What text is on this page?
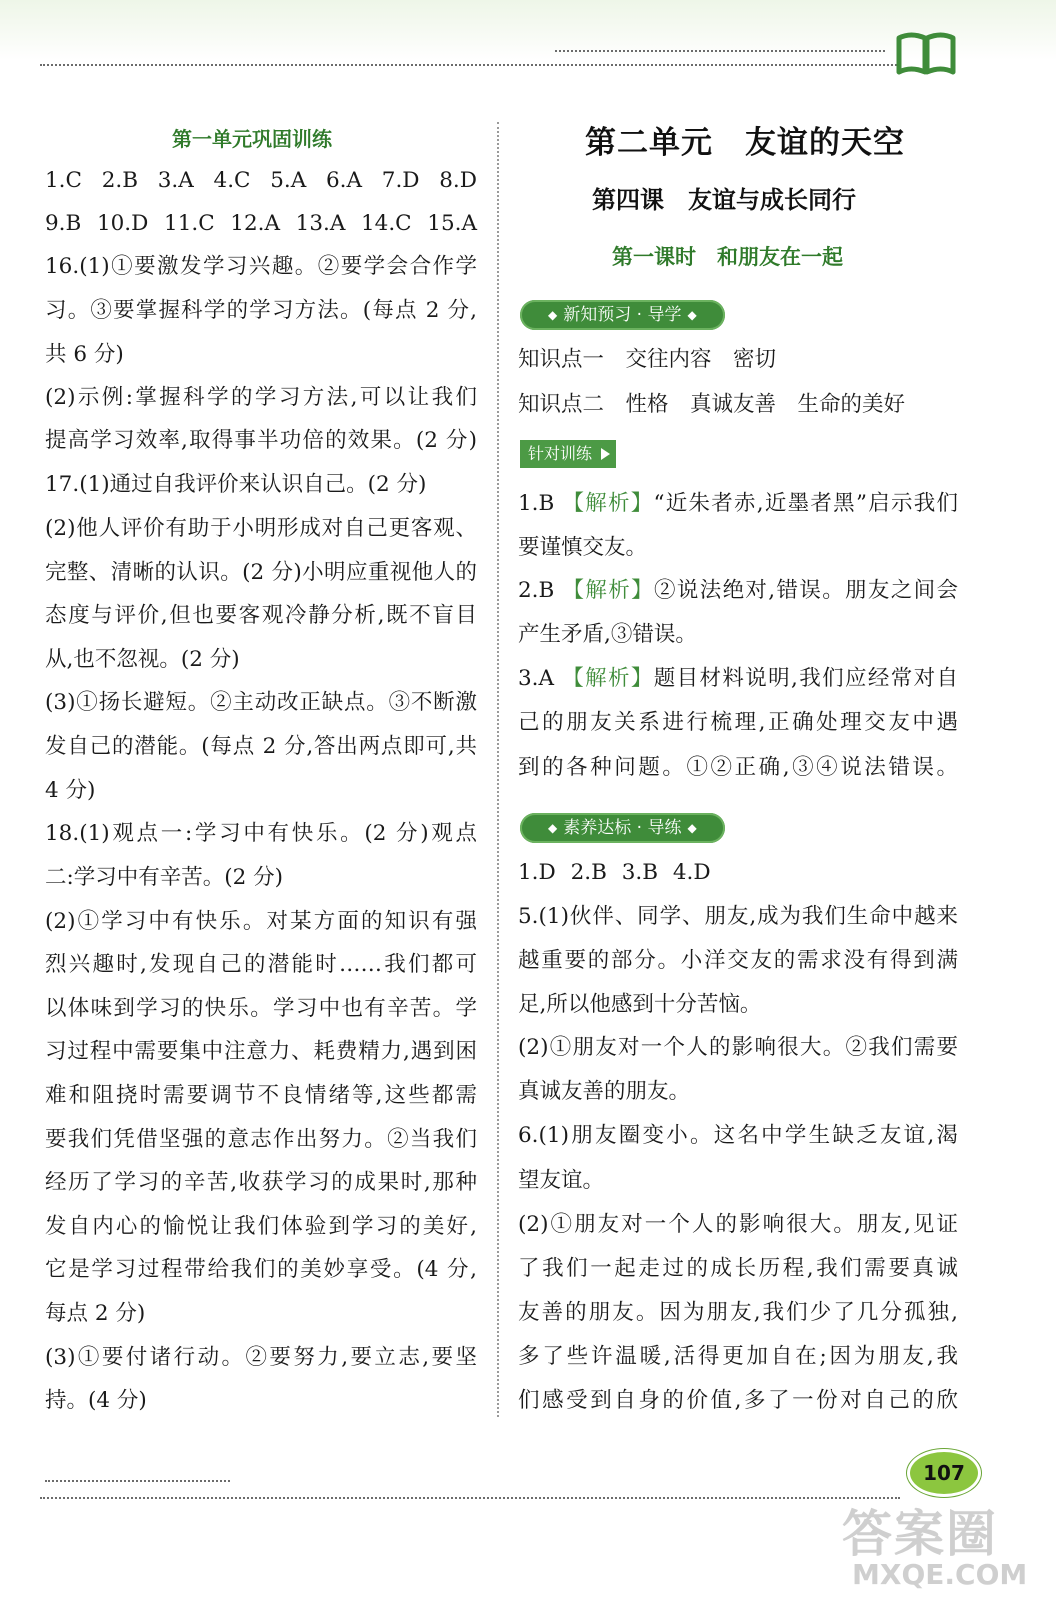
第一单元巩固训练
1.C 2.B 3.A 4.C 5.A 6.A 7.D 8.D
9.B 10.D 11.C 12.A 13.A 14.C 15.A
16.(1)①要激发学习兴趣。②要学会合作学
习。③要掌握科学的学习方法。(每点 2 分,
共 6 分)
(2)示例:掌握科学的学习方法,可以让我们
提高学习效率,取得事半功倍的效果。(2 分)
17.(1)通过自我评价来认识自己。(2 分)
(2)他人评价有助于小明形成对自己更客观、
完整、清晰的认识。(2 分)小明应重视他人的
态度与评价,但也要客观冷静分析,既不盲目
从,也不忽视。(2 分)
(3)①扬长避短。②主动改正缺点。③不断激
发自己的潜能。(每点 2 分,答出两点即可,共
4 分)
18.(1)观点一:学习中有快乐。(2 分)观点
二:学习中有辛苦。(2 分)
(2)①学习中有快乐。对某方面的知识有强
烈兴趣时,发现自己的潜能时……我们都可
以体味到学习的快乐。学习中也有辛苦。学
习过程中需要集中注意力、耗费精力,遇到困
难和阻挠时需要调节不良情绪等,这些都需
要我们凭借坚强的意志作出努力。②当我们
经历了学习的辛苦,收获学习的成果时,那种
发自内心的愉悦让我们体验到学习的美好,
它是学习过程带给我们的美妙享受。(4 分,
每点 2 分)
(3)①要付诸行动。②要努力,要立志,要坚
持。(4 分)
第二单元　友谊的天空
第四课　友谊与成长同行
第一课时　和朋友在一起
◆ 新知预习 · 导学 ◆
知识点一　 交往内容　密切
知识点二　 性格　真诚友善　生命的美好
针对训练
1.B 【解析】“近朱者赤,近墨者黑”启示我们
要谨慎交友。
2.B 【解析】②说法绝对,错误。朋友之间会
产生矛盾,③错误。
3.A 【解析】题目材料说明,我们应经常对自
己的朋友关系进行梳理,正确处理交友中遇
到的各种问题。①②正确,③④说法错误。
◆ 素养达标 · 导练 ◆
1.D 2.B 3.B 4.D
5.(1)伙伴、同学、朋友,成为我们生命中越来
越重要的部分。小洋交友的需求没有得到满
足,所以他感到十分苦恼。
(2)①朋友对一个人的影响很大。②我们需要
真诚友善的朋友。
6.(1)朋友圈变小。这名中学生缺乏友谊,渴
望友谊。
(2)①朋友对一个人的影响很大。朋友,见证
了我们一起走过的成长历程,我们需要真诚
友善的朋友。因为朋友,我们少了几分孤独,
多了些许温暖,活得更加自在;因为朋友,我
们感受到自身的价值,多了一份对自己的欣
107
答案圈
MXQE.COM
